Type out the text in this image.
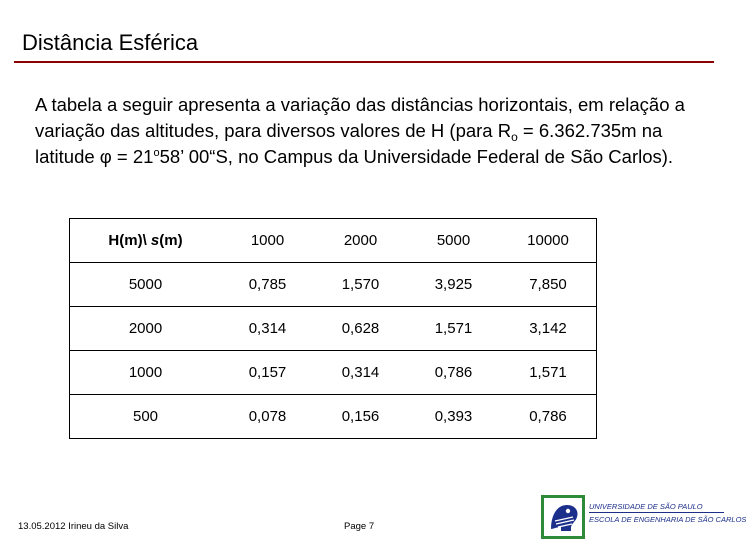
Distância Esférica
A tabela a seguir apresenta a variação das distâncias horizontais, em relação a variação das altitudes, para diversos valores de H (para $R_o = 6.362.735m$ na latitude $\varphi = 21^o58$’ 00“S, no Campus da Universidade Federal de São Carlos).
H(m)\ s(m)	1000	2000	5000	10000
5000	0,785	1,570	3,925	7,850
2000	0,314	0,628	1,571	3,142
1000	0,157	0,314	0,786	1,571
500	0,078	0,156	0,393	0,786
13.05.2012 Irineu da Silva	Page 7
UNIVERSIDADE DE SÃO PAULO
ESCOLA DE ENGENHARIA DE SÃO CARLOS
